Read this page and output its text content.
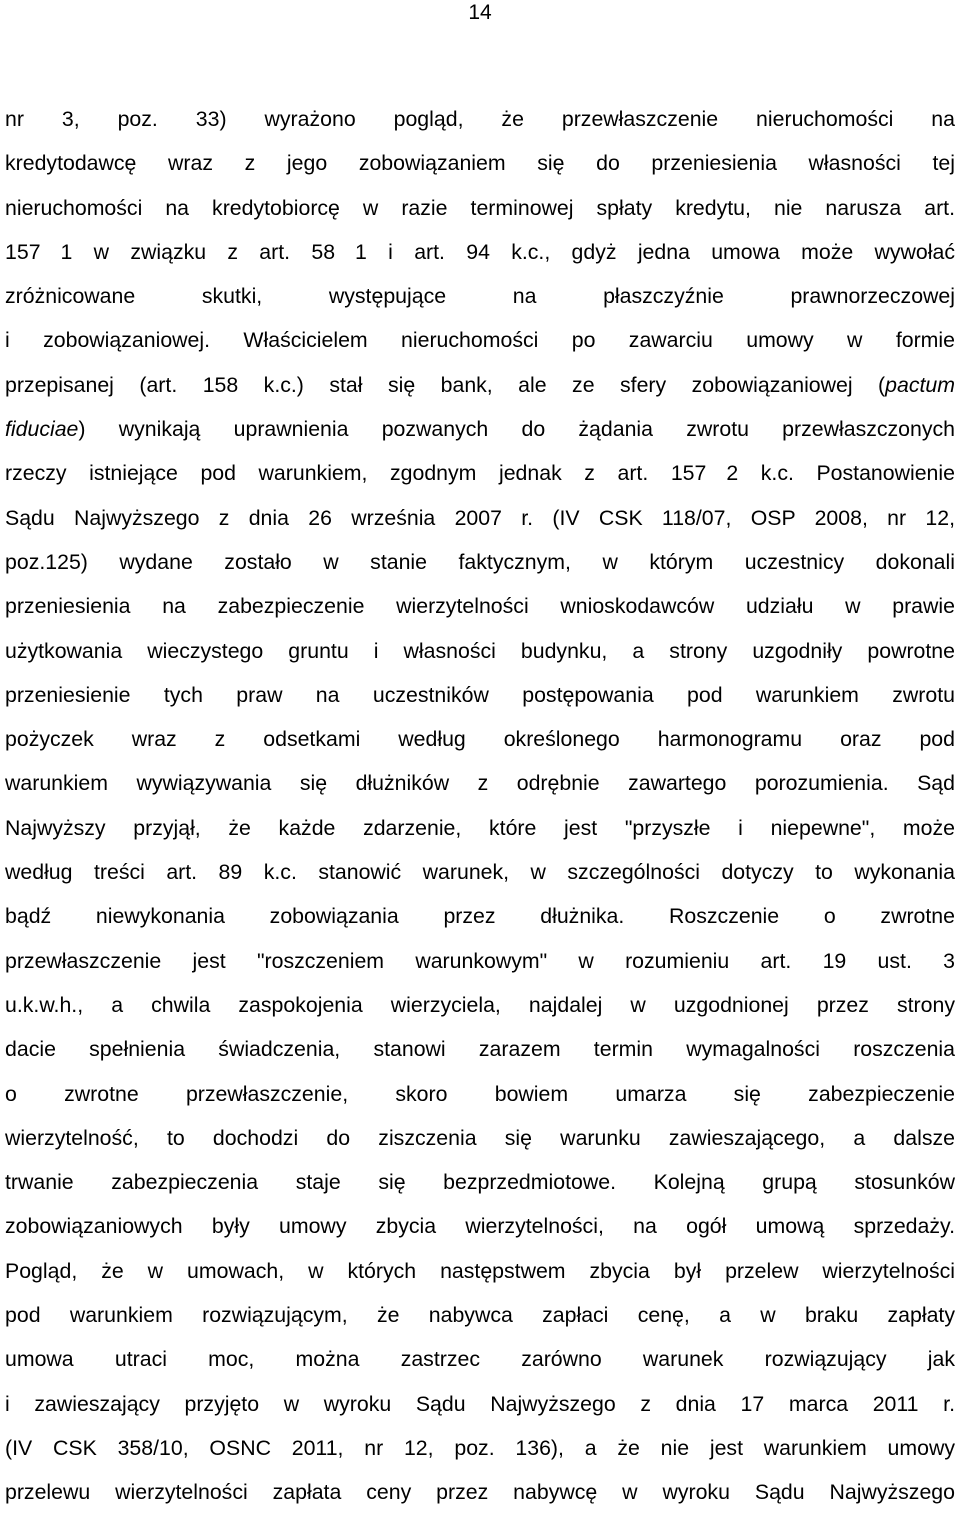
14
nr 3, poz. 33) wyrażono pogląd, że przewłaszczenie nieruchomości na
kredytodawcę wraz z jego zobowiązaniem się do przeniesienia własności tej
nieruchomości na kredytobiorcę w razie terminowej spłaty kredytu, nie narusza art.
157 1 w związku z art. 58 1 i art. 94 k.c., gdyż jedna umowa może wywołać
zróżnicowane skutki, występujące na płaszczyźnie prawnorzeczowej
i zobowiązaniowej. Właścicielem nieruchomości po zawarciu umowy w formie
przepisanej (art. 158 k.c.) stał się bank, ale ze sfery zobowiązaniowej (pactum
fiduciae) wynikają uprawnienia pozwanych do żądania zwrotu przewłaszczonych
rzeczy istniejące pod warunkiem, zgodnym jednak z art. 157 2 k.c. Postanowienie
Sądu Najwyższego z dnia 26 września 2007 r. (IV CSK 118/07, OSP 2008, nr 12,
poz.125) wydane zostało w stanie faktycznym, w którym uczestnicy dokonali
przeniesienia na zabezpieczenie wierzytelności wnioskodawców udziału w prawie
użytkowania wieczystego gruntu i własności budynku, a strony uzgodniły powrotne
przeniesienie tych praw na uczestników postępowania pod warunkiem zwrotu
pożyczek wraz z odsetkami według określonego harmonogramu oraz pod
warunkiem wywiązywania się dłużników z odrębnie zawartego porozumienia. Sąd
Najwyższy przyjął, że każde zdarzenie, które jest "przyszłe i niepewne", może
według treści art. 89 k.c. stanowić warunek, w szczególności dotyczy to wykonania
bądź niewykonania zobowiązania przez dłużnika. Roszczenie o zwrotne
przewłaszczenie jest "roszczeniem warunkowym" w rozumieniu art. 19 ust. 3
u.k.w.h., a chwila zaspokojenia wierzyciela, najdalej w uzgodnionej przez strony
dacie spełnienia świadczenia, stanowi zarazem termin wymagalności roszczenia
o zwrotne przewłaszczenie, skoro bowiem umarza się zabezpieczenie
wierzytelność, to dochodzi do ziszczenia się warunku zawieszającego, a dalsze
trwanie zabezpieczenia staje się bezprzedmiotowe. Kolejną grupą stosunków
zobowiązaniowych były umowy zbycia wierzytelności, na ogół umową sprzedaży.
Pogląd, że w umowach, w których następstwem zbycia był przelew wierzytelności
pod warunkiem rozwiązującym, że nabywca zapłaci cenę, a w braku zapłaty
umowa utraci moc, można zastrzec zarówno warunek rozwiązujący jak
i zawieszający przyjęto w wyroku Sądu Najwyższego z dnia 17 marca 2011 r.
(IV CSK 358/10, OSNC 2011, nr 12, poz. 136), a że nie jest warunkiem umowy
przelewu wierzytelności zapłata ceny przez nabywcę w wyroku Sądu Najwyższego
